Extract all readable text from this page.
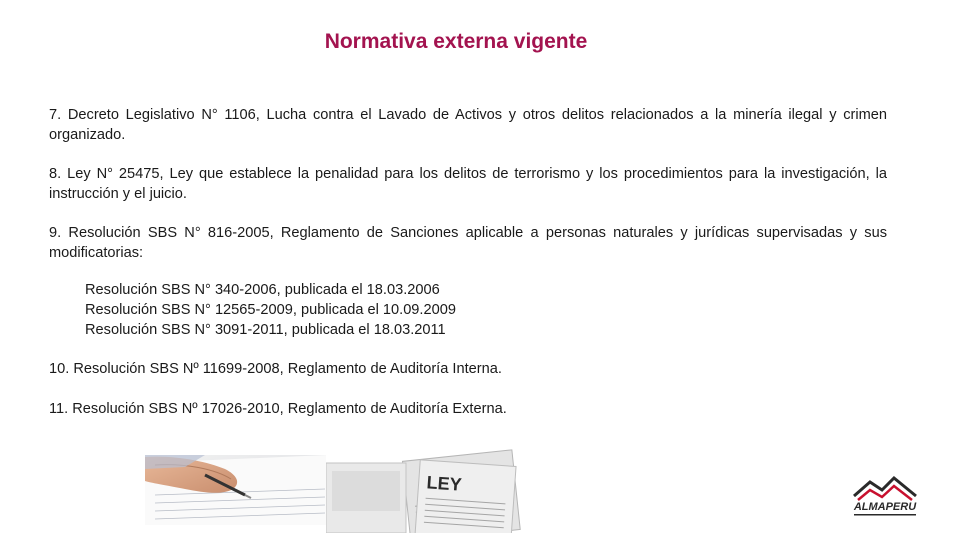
Normativa externa vigente

7. Decreto Legislativo N° 1106, Lucha contra el Lavado de Activos y otros delitos relacionados a la minería ilegal y crimen organizado.

8. Ley N° 25475, Ley que establece la penalidad para los delitos de terrorismo y los procedimientos para la investigación, la instrucción y el juicio.

9. Resolución SBS N° 816-2005, Reglamento de Sanciones aplicable a personas naturales y jurídicas supervisadas y sus modificatorias:

Resolución SBS N° 340-2006, publicada el 18.03.2006
Resolución SBS N° 12565-2009, publicada el 10.09.2009
Resolución SBS N° 3091-2011, publicada el 18.03.2011

10. Resolución SBS Nº 11699-2008, Reglamento de Auditoría Interna.

11. Resolución SBS Nº 17026-2010, Reglamento de Auditoría Externa.

LEY
ALMAPERU
